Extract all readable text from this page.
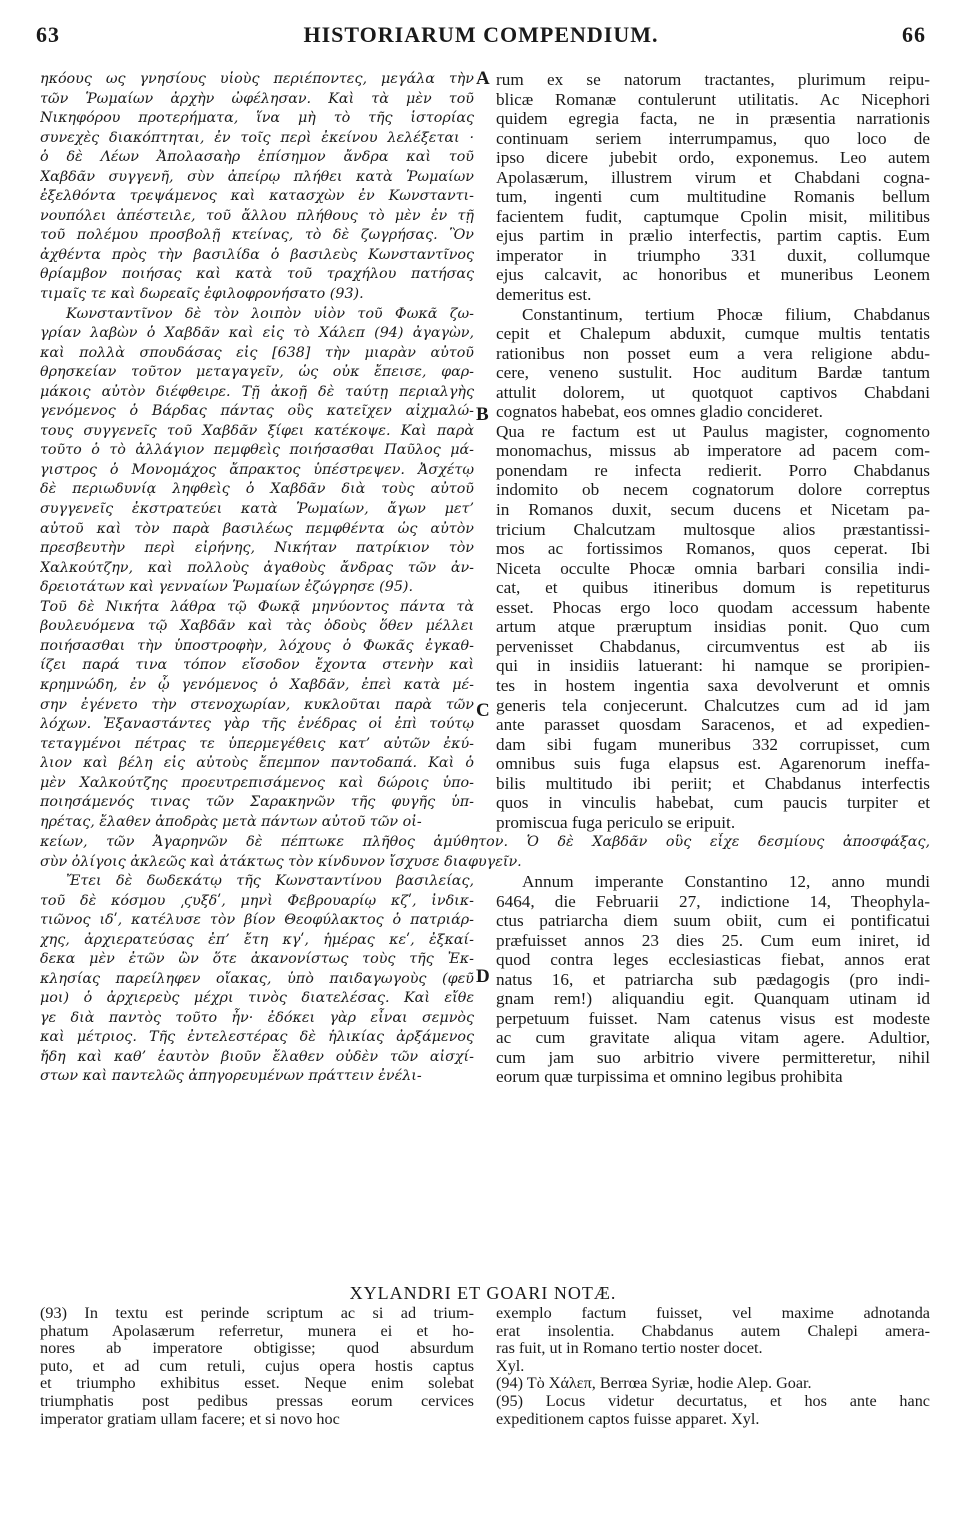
63	HISTORIARUM COMPENDIUM.	66
ηκόους ως γνησίους υἱοὺς περιέποντες, μεγάλα τὴν
τῶν Ῥωμαίων ἀρχὴν ὠφέλησαν. Καὶ τὰ μὲν τοῦ
Νικηφόρου προτερήματα, ἵνα μὴ τὸ τῆς ἱστορίας
συνεχὲς διακόπτηται, ἐν τοῖς περὶ ἐκείνου λελέξεται ·
ὁ δὲ Λέων Ἀπολασαὴρ ἐπίσημον ἄνδρα καὶ τοῦ
Χαβδᾶν συγγενῆ, σὺν ἀπείρῳ πλήθει κατὰ Ῥωμαίων
ἐξελθόντα τρεψάμενος καὶ κατασχὼν ἐν Κωνσταντι-
νουπόλει ἀπέστειλε, τοῦ ἄλλου πλήθους τὸ μὲν ἐν τῇ
τοῦ πολέμου προσβολῇ κτείνας, τὸ δὲ ζωγρήσας. Ὃν
ἀχθέντα πρὸς τὴν βασιλίδα ὁ βασιλεὺς Κωνσταντῖνος
θρίαμβον ποιήσας καὶ κατὰ τοῦ τραχήλου πατήσας
τιμαῖς τε καὶ δωρεαῖς ἐφιλοφρονήσατο (93).
Κωνσταντῖνον δὲ τὸν λοιπὸν υἱὸν τοῦ Φωκᾶ ζω-
γρίαν λαβὼν ὁ Χαβδᾶν καὶ εἰς τὸ Χάλεπ (94) ἀγαγὼν,
καὶ πολλὰ σπουδάσας εἰς [638] τὴν μιαρὰν αὐτοῦ
θρησκείαν τοῦτον μεταγαγεῖν, ὡς οὐκ ἔπεισε, φαρ-
μάκοις αὐτὸν διέφθειρε. Τῇ ἀκοῇ δὲ ταύτῃ περιαλγὴς
γενόμενος ὁ Βάρδας πάντας οὓς κατεῖχεν αἰχμαλώ-
τους συγγενεῖς τοῦ Χαβδᾶν ξίφει κατέκοψε. Καὶ παρὰ
τοῦτο ὁ τὸ ἀλλάγιον πεμφθεὶς ποιήσασθαι Παῦλος μά-
γιστρος ὁ Μονομάχος ἄπρακτος ὑπέστρεψεν. Ἀσχέτῳ
δὲ περιωδυνίᾳ ληφθεὶς ὁ Χαβδᾶν διὰ τοὺς αὐτοῦ
συγγενεῖς ἐκστρατεύει κατὰ Ῥωμαίων, ἄγων μετ’
αὐτοῦ καὶ τὸν παρὰ βασιλέως πεμφθέντα ὡς αὐτὸν
πρεσβευτὴν περὶ εἰρήνης, Νικήταν πατρίκιον τὸν
Χαλκούτζην, καὶ πολλοὺς ἀγαθοὺς ἄνδρας τῶν ἀν-
δρειοτάτων καὶ γενναίων Ῥωμαίων ἐζώγρησε (95).
Τοῦ δὲ Νικήτα λάθρα τῷ Φωκᾷ μηνύοντος πάντα τὰ
βουλευόμενα τῷ Χαβδᾶν καὶ τὰς ὁδοὺς ὅθεν μέλλει
ποιήσασθαι τὴν ὑποστροφὴν, λόχους ὁ Φωκᾶς ἐγκαθ-
ίζει παρά τινα τόπον εἴσοδον ἔχοντα στενὴν καὶ
κρημνώδη, ἐν ᾧ γενόμενος ὁ Χαβδᾶν, ἐπεὶ κατὰ μέ-
σην ἐγένετο τὴν στενοχωρίαν, κυκλοῦται παρὰ τῶν
λόχων. Ἐξαναστάντες γὰρ τῆς ἐνέδρας οἱ ἐπὶ τούτῳ
τεταγμένοι πέτρας τε ὑπερμεγέθεις κατ’ αὐτῶν ἐκύ-
λιον καὶ βέλη εἰς αὐτοὺς ἔπεμπον παντοδαπά. Καὶ ὁ
μὲν Χαλκούτζης προευτρεπισάμενος καὶ δώροις ὑπο-
ποιησάμενός τινας τῶν Σαρακηνῶν τῆς φυγῆς ὑπ-
ηρέτας, ἔλαθεν ἀποδρὰς μετὰ πάντων αὐτοῦ τῶν οἰ-
rum ex se natorum tractantes, plurimum reipu-
blicæ Romanæ contulerunt utilitatis. Ac Nicephori
quidem egregia facta, ne in præsentia narrationis
continuam seriem interrumpamus, quo loco de
ipso dicere jubebit ordo, exponemus. Leo autem
Apolasærum, illustrem virum et Chabdani cogna-
tum, ingenti cum multitudine Romanis bellum
facientem fudit, captumque Cpolin misit, militibus
ejus partim in prælio interfectis, partim captis. Eum
imperator in triumpho 331 duxit, collumque
ejus calcavit, ac honoribus et muneribus Leonem
demeritus est.
Constantinum, tertium Phocæ filium, Chabdanus
cepit et Chalepum abduxit, cumque multis tentatis
rationibus non posset eum a vera religione abdu-
cere, veneno sustulit. Hoc auditum Bardæ tantum
attulit dolorem, ut quotquot captivos Chabdani
cognatos habebat, eos omnes gladio concideret.
Qua re factum est ut Paulus magister, cognomento
monomachus, missus ab imperatore ad pacem com-
ponendam re infecta redierit. Porro Chabdanus
indomito ob necem cognatorum dolore correptus
in Romanos duxit, secum ducens et Nicetam pa-
tricium Chalcutzam multosque alios præstantissi-
mos ac fortissimos Romanos, quos ceperat. Ibi
Niceta occulte Phocæ omnia barbari consilia indi-
cat, et quibus itineribus domum is repetiturus
esset. Phocas ergo loco quodam accessum habente
artum atque præruptum insidias ponit. Quo cum
pervenisset Chabdanus, circumventus est ab iis
qui in insidiis latuerant: hi namque se proripien-
tes in hostem ingentia saxa devolverunt et omnis
generis tela conjecerunt. Chalcutzes cum ad id jam
ante parasset quosdam Saracenos, et ad expedien-
dam sibi fugam muneribus 332 corrupisset, cum
omnibus suis fuga elapsus est. Agarenorum ineffa-
bilis multitudo ibi periit; et Chabdanus interfectis
quos in vinculis habebat, cum paucis turpiter et
promiscua fuga periculo se eripuit.
κείων, τῶν Ἀγαρηνῶν δὲ πέπτωκε πλῆθος ἀμύθητον. Ὁ δὲ Χαβδᾶν οὓς εἶχε δεσμίους ἀποσφάξας,
σὺν ὀλίγοις ἀκλεῶς καὶ ἀτάκτως τὸν κίνδυνον ἴσχυσε διαφυγεῖν.
Ἔτει δὲ δωδεκάτῳ τῆς Κωνσταντίνου βασιλείας,
τοῦ δὲ κόσμου ͵ϛυξδʹ, μηνὶ Φεβρουαρίῳ κζʹ, ἰνδικ-
τιῶνος ιδʹ, κατέλυσε τὸν βίον Θεοφύλακτος ὁ πατριάρ-
χης, ἀρχιερατεύσας ἐπ’ ἔτη κγʹ, ἡμέρας κεʹ, ἐξκαί-
δεκα μὲν ἐτῶν ὢν ὅτε ἀκανονίστως τοὺς τῆς Ἐκ-
κλησίας παρείληφεν οἴακας, ὑπὸ παιδαγωγοὺς (φεῦ
μοι) ὁ ἀρχιερεὺς μέχρι τινὸς διατελέσας. Καὶ εἴθε
γε διὰ παντὸς τοῦτο ἦν· ἐδόκει γὰρ εἶναι σεμνὸς
καὶ μέτριος. Τῆς ἐντελεστέρας δὲ ἡλικίας ἀρξάμενος
ἤδη καὶ καθ’ ἑαυτὸν βιοῦν ἔλαθεν οὐδὲν τῶν αἰσχί-
στων καὶ παντελῶς ἀπηγορευμένων πράττειν ἐνέλι-
Annum imperante Constantino 12, anno mundi
6464, die Februarii 27, indictione 14, Theophyla-
ctus patriarcha diem suum obiit, cum ei pontificatui
præfuisset annos 23 dies 25. Cum eum iniret, id
quod contra leges ecclesiasticas fiebat, annos erat
natus 16, et patriarcha sub pædagogis (pro indi-
gnam rem!) aliquandiu egit. Quanquam utinam id
perpetuum fuisset. Nam catenus visus est modeste
ac cum gravitate aliqua vitam agere. Adultior,
cum jam suo arbitrio vivere permitteretur, nihil
eorum quæ turpissima et omnino legibus prohibita
A
B
C
D
XYLANDRI ET GOARI NOTÆ.
(93) In textu est perinde scriptum ac si ad trium-
phatum Apolasærum referretur, munera ei et ho-
nores ab imperatore obtigisse; quod absurdum
puto, et ad cum retuli, cujus opera hostis captus
et triumpho exhibitus esset. Neque enim solebat
triumphatis post pedibus pressas eorum cervices
imperator gratiam ullam facere; et si novo hoc
exemplo factum fuisset, vel maxime adnotanda
erat insolentia. Chabdanus autem Chalepi amera-
ras fuit, ut in Romano tertio noster docet.
Xyl.
(94) Τὸ Χάλεπ, Berrœa Syriæ, hodie Alep. Goar.
(95) Locus videtur decurtatus, et hos ante hanc
expeditionem captos fuisse apparet. Xyl.
